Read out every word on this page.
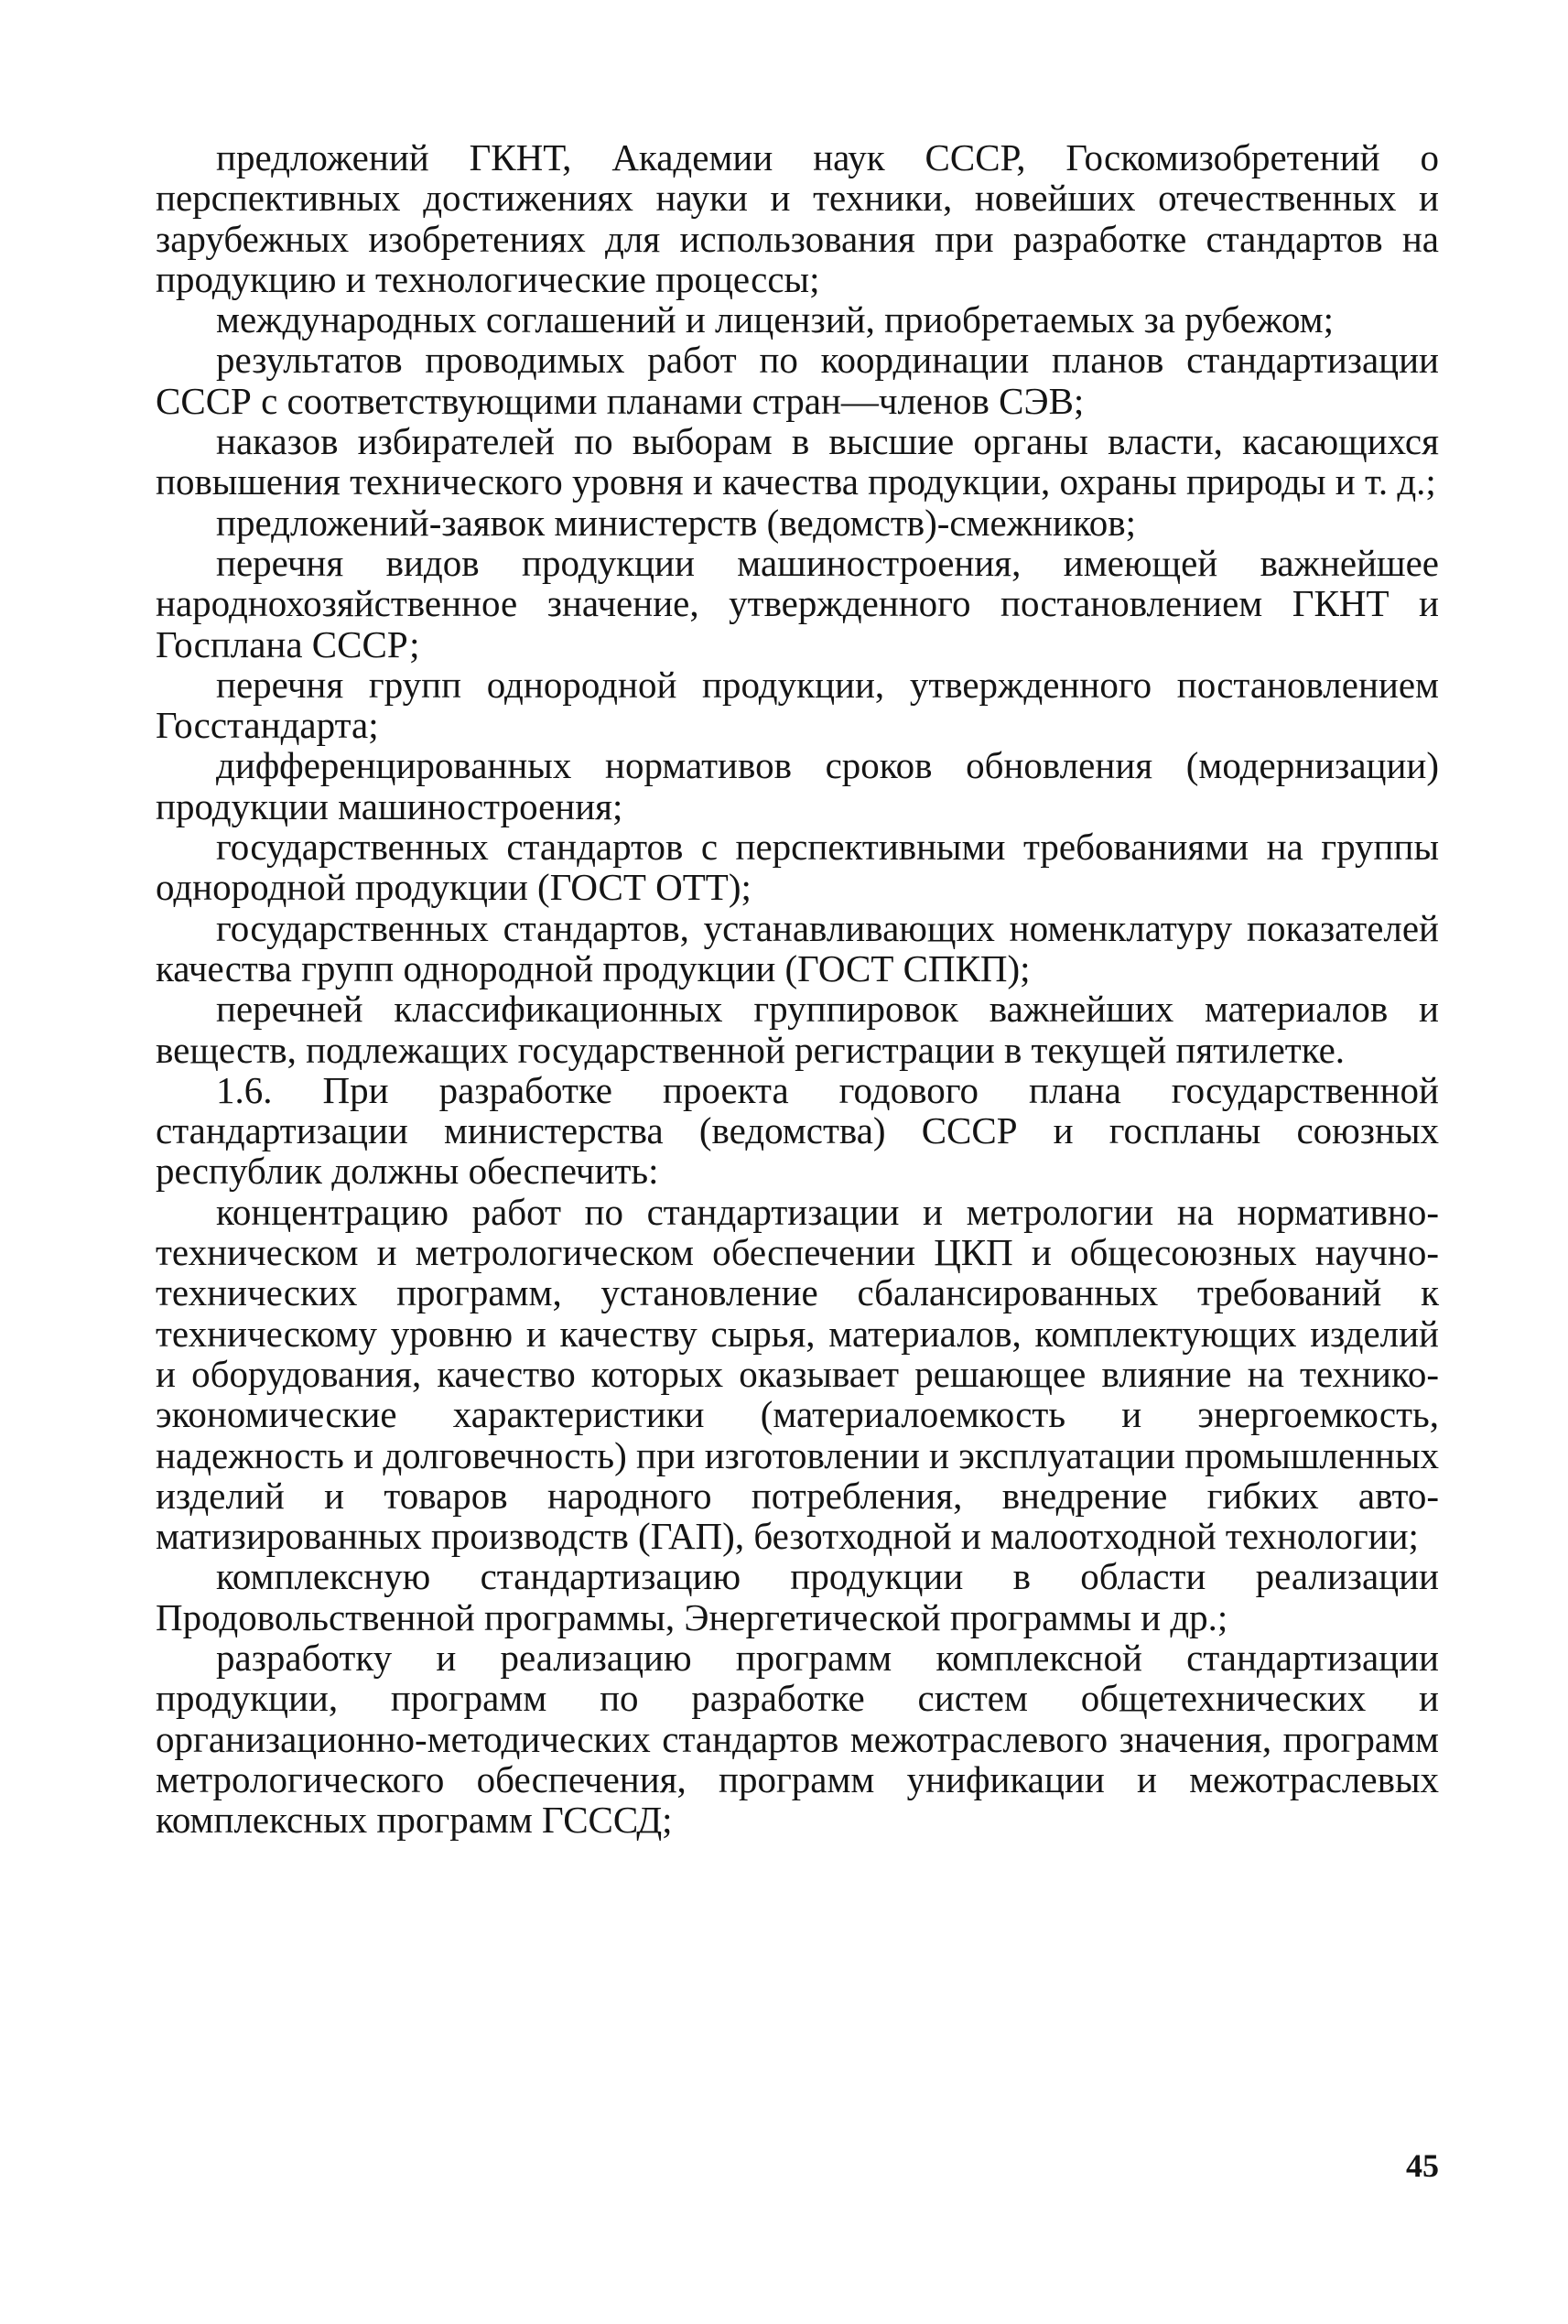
предложений ГКНТ, Академии наук СССР, Госкомизобретений о перспективных достижениях науки и техники, новейших отечественных и зарубежных изобретениях для использования при разработке стандартов на продукцию и технологические процессы;

международных соглашений и лицензий, приобретаемых за рубежом;

результатов проводимых работ по координации планов стандартизации СССР с соответствующими планами стран—членов СЭВ;

наказов избирателей по выборам в высшие органы власти, касающихся повышения технического уровня и качества продукции, охраны природы и т. д.;

предложений-заявок министерств (ведомств)-смежников;

перечня видов продукции машиностроения, имеющей важнейшее народнохозяйственное значение, утвержденного постановлением ГКНТ и Госплана СССР;

перечня групп однородной продукции, утвержденного постановлением Госстандарта;

дифференцированных нормативов сроков обновления (модернизации) продукции машиностроения;

государственных стандартов с перспективными требованиями на группы однородной продукции (ГОСТ ОТТ);

государственных стандартов, устанавливающих номенклатуру показателей качества групп однородной продукции (ГОСТ СПКП);

перечней классификационных группировок важнейших материалов и веществ, подлежащих государственной регистрации в текущей пятилетке.

1.6. При разработке проекта годового плана государственной стандартизации министерства (ведомства) СССР и госпланы союзных республик должны обеспечить:

концентрацию работ по стандартизации и метрологии на нормативно-техническом и метрологическом обеспечении ЦКП и общесоюзных научно-технических программ, установление сбалансированных требований к техническому уровню и качеству сырья, материалов, комплектующих изделий и оборудования, качество которых оказывает решающее влияние на технико-экономические характеристики (материалоемкость и энергоемкость, надежность и долговечность) при изготовлении и эксплуатации промышленных изделий и товаров народного потребления, внедрение гибких автоматизированных производств (ГАП), безотходной и малоотходной технологии;

комплексную стандартизацию продукции в области реализации Продовольственной программы, Энергетической программы и др.;

разработку и реализацию программ комплексной стандартизации продукции, программ по разработке систем общетехнических и организационно-методических стандартов межотраслевого значения, программ метрологического обеспечения, программ унификации и межотраслевых комплексных программ ГСССД;

45
